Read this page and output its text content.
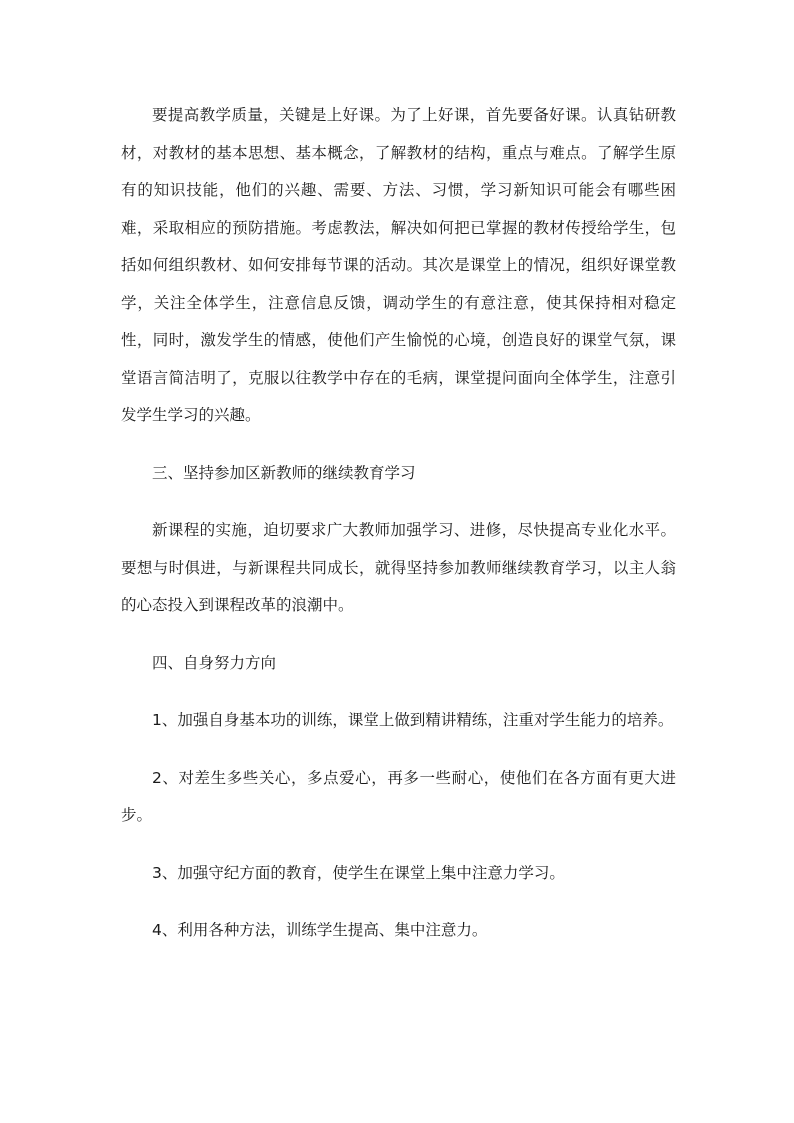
要提高教学质量，关键是上好课。为了上好课，首先要备好课。认真钻研教材，对教材的基本思想、基本概念，了解教材的结构，重点与难点。了解学生原有的知识技能，他们的兴趣、需要、方法、习惯，学习新知识可能会有哪些困难，采取相应的预防措施。考虑教法，解决如何把已掌握的教材传授给学生，包括如何组织教材、如何安排每节课的活动。其次是课堂上的情况，组织好课堂教学，关注全体学生，注意信息反馈，调动学生的有意注意，使其保持相对稳定性，同时，激发学生的情感，使他们产生愉悦的心境，创造良好的课堂气氛，课堂语言简洁明了，克服以往教学中存在的毛病，课堂提问面向全体学生，注意引发学生学习的兴趣。

三、坚持参加区新教师的继续教育学习

新课程的实施，迫切要求广大教师加强学习、进修，尽快提高专业化水平。要想与时俱进，与新课程共同成长，就得坚持参加教师继续教育学习，以主人翁的心态投入到课程改革的浪潮中。

四、自身努力方向

1、加强自身基本功的训练，课堂上做到精讲精练，注重对学生能力的培养。

2、对差生多些关心，多点爱心，再多一些耐心，使他们在各方面有更大进步。

3、加强守纪方面的教育，使学生在课堂上集中注意力学习。

4、利用各种方法，训练学生提高、集中注意力。
